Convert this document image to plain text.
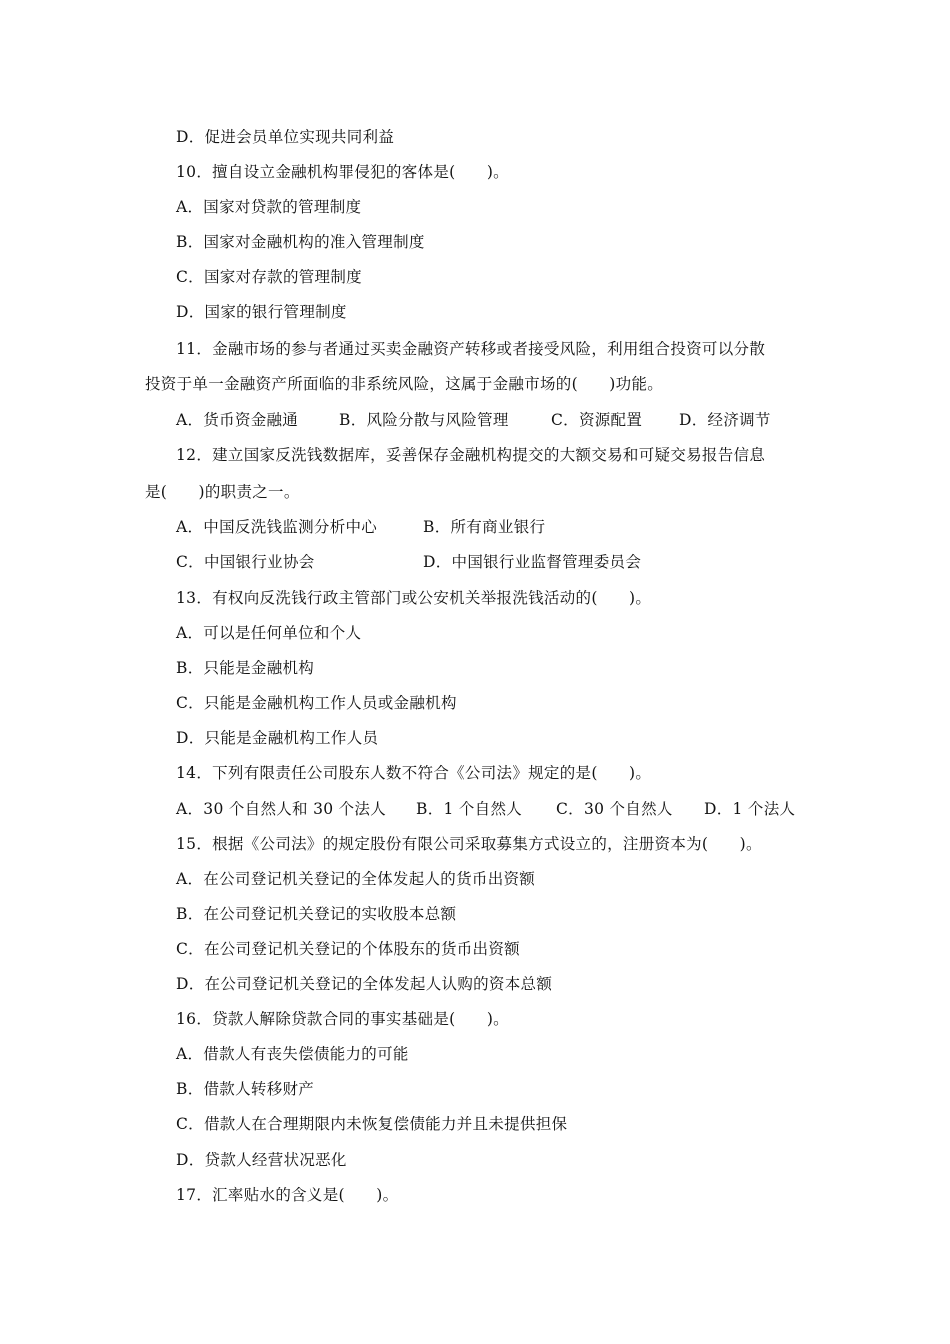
D．促进会员单位实现共同利益
10．擅自设立金融机构罪侵犯的客体是(      )。
A．国家对贷款的管理制度
B．国家对金融机构的准入管理制度
C．国家对存款的管理制度
D．国家的银行管理制度
11．金融市场的参与者通过买卖金融资产转移或者接受风险，利用组合投资可以分散
投资于单一金融资产所面临的非系统风险，这属于金融市场的(      )功能。

A．货币资金融通

	B．风险分散与风险管理

	C．资源配置

D．经济调节

12．建立国家反洗钱数据库，妥善保存金融机构提交的大额交易和可疑交易报告信息
是(      )的职责之一。

A．中国反洗钱监测分析中心

	B．所有商业银行

C．中国银行业协会

	D．中国银行业监督管理委员会

13．有权向反洗钱行政主管部门或公安机关举报洗钱活动的(      )。
A．可以是任何单位和个人
B．只能是金融机构
C．只能是金融机构工作人员或金融机构
D．只能是金融机构工作人员
14．下列有限责任公司股东人数不符合《公司法》规定的是(      )。

A．30 个自然人和 30 个法人

B．1 个自然人

C．30 个自然人

D．1 个法人

15．根据《公司法》的规定股份有限公司采取募集方式设立的，注册资本为(      )。
A．在公司登记机关登记的全体发起人的货币出资额
B．在公司登记机关登记的实收股本总额
C．在公司登记机关登记的个体股东的货币出资额
D．在公司登记机关登记的全体发起人认购的资本总额
16．贷款人解除贷款合同的事实基础是(      )。
A．借款人有丧失偿债能力的可能
B．借款人转移财产
C．借款人在合理期限内未恢复偿债能力并且未提供担保
D．贷款人经营状况恶化
17．汇率贴水的含义是(      )。
